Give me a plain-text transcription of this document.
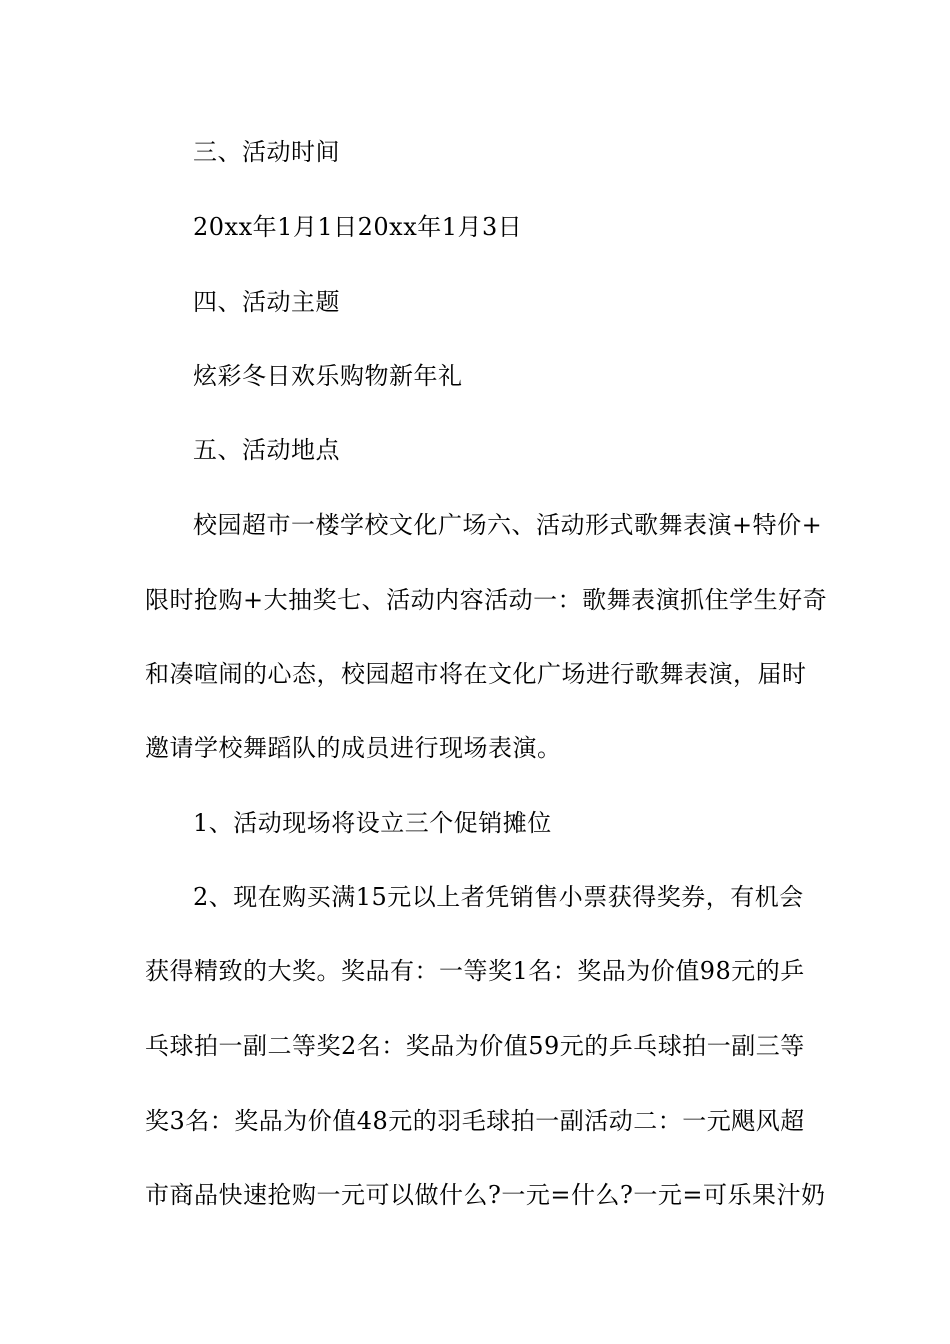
三、活动时间
20xx年1月1日20xx年1月3日
四、活动主题
炫彩冬日欢乐购物新年礼
五、活动地点
校园超市一楼学校文化广场六、活动形式歌舞表演+特价+
限时抢购+大抽奖七、活动内容活动一：歌舞表演抓住学生好奇
和凑喧闹的心态，校园超市将在文化广场进行歌舞表演，届时
邀请学校舞蹈队的成员进行现场表演。
1、活动现场将设立三个促销摊位
2、现在购买满15元以上者凭销售小票获得奖券，有机会
获得精致的大奖。奖品有：一等奖1名：奖品为价值98元的乒
乓球拍一副二等奖2名：奖品为价值59元的乒乓球拍一副三等
奖3名：奖品为价值48元的羽毛球拍一副活动二：一元飓风超
市商品快速抢购一元可以做什么?一元=什么?一元=可乐果汁奶
